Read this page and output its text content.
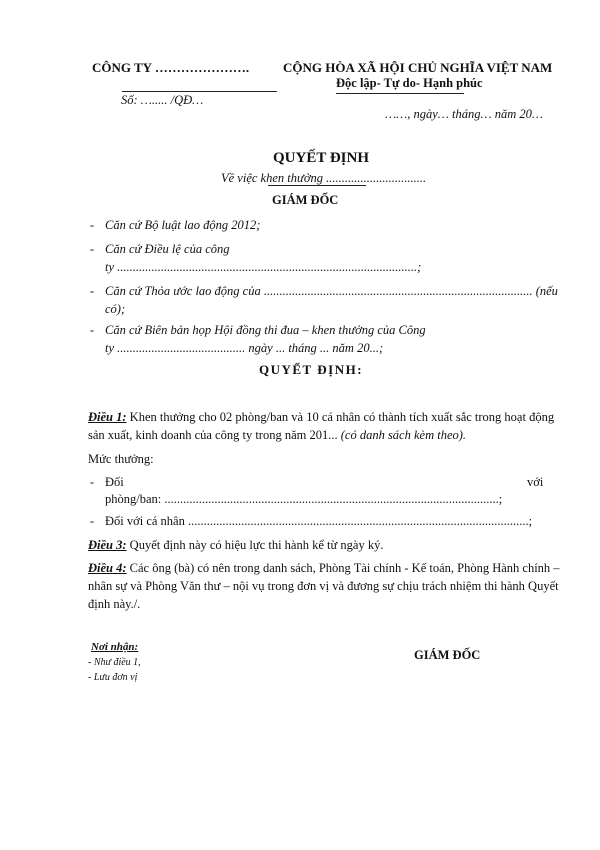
CÔNG TY ………………….
Số: …..... /QĐ…
CỘNG HÒA XÃ HỘI CHỦ NGHĨA VIỆT NAM
Độc lập- Tự do- Hạnh phúc
……, ngày… tháng… năm 20…
QUYẾT ĐỊNH
Về việc khen thưởng ................................
GIÁM ĐỐC
- Căn cứ Bộ luật lao động 2012;
- Căn cứ Điều lệ của công
ty ................................................................................................;
- Căn cứ Thỏa ước lao động của ...................................................................................... (nếu
có);
- Căn cứ Biên bản họp Hội đồng thi đua – khen thưởng của Công
ty ......................................... ngày ... tháng ... năm 20...;
QUYẾT ĐỊNH:
Điều 1: Khen thưởng cho 02 phòng/ban và 10 cá nhân có thành tích xuất sắc trong hoạt động
sản xuất, kinh doanh của công ty trong năm 201... (có danh sách kèm theo).
Mức thưởng:
- Đối	với
phòng/ban: ...........................................................................................................;
- Đối với cá nhân .............................................................................................................;
Điều 3: Quyết định này có hiệu lực thi hành kể từ ngày ký.
Điều 4: Các ông (bà) có nên trong danh sách, Phòng Tài chính - Kế toán, Phòng Hành chính –
nhân sự và Phòng Văn thư – nội vụ trong đơn vị và đương sự chịu trách nhiệm thi hành Quyết
định này./.
Nơi nhận:
- Như điều 1,
- Lưu đơn vị
GIÁM ĐỐC
